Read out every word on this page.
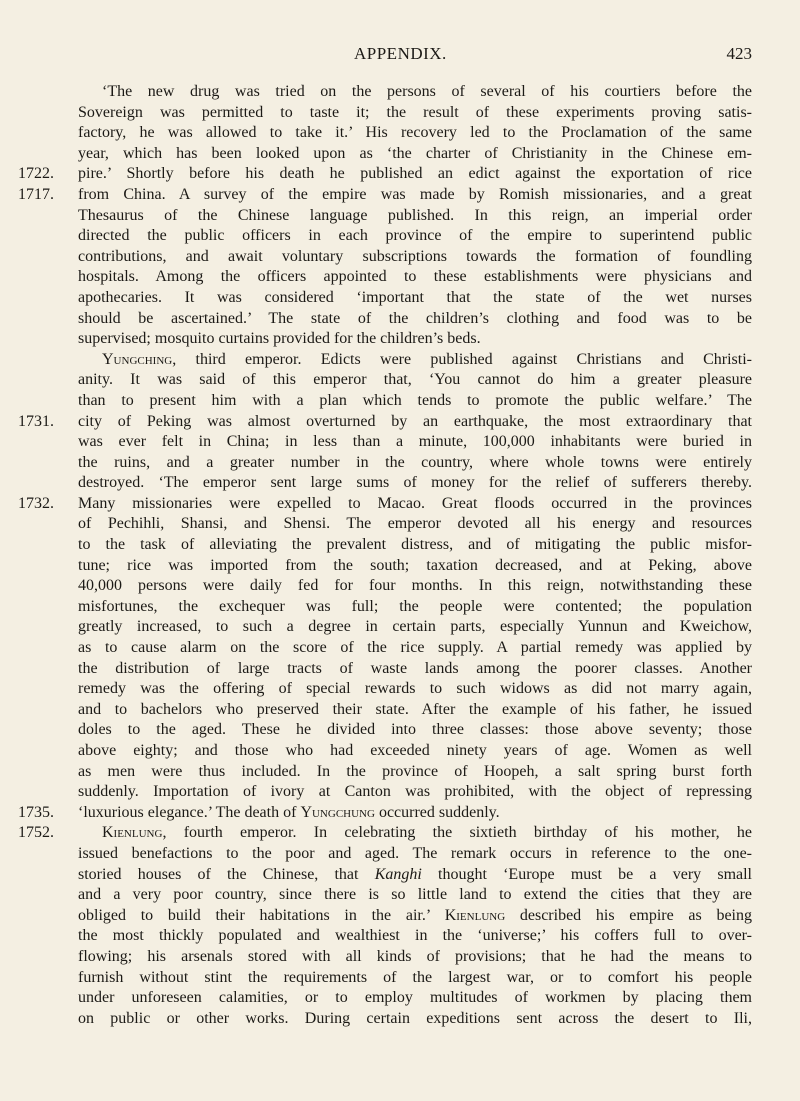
APPENDIX.	423
‘The new drug was tried on the persons of several of his courtiers before the
Sovereign was permitted to taste it; the result of these experiments proving satis-
factory, he was allowed to take it.’ His recovery led to the Proclamation of the same
year, which has been looked upon as ‘the charter of Christianity in the Chinese em-
1722.	pire.’ Shortly before his death he published an edict against the exportation of rice
1717.	from China. A survey of the empire was made by Romish missionaries, and a great
Thesaurus of the Chinese language published. In this reign, an imperial order
directed the public officers in each province of the empire to superintend public
contributions, and await voluntary subscriptions towards the formation of foundling
hospitals. Among the officers appointed to these establishments were physicians and
apothecaries. It was considered ‘important that the state of the wet nurses
should be ascertained.’ The state of the children’s clothing and food was to be
supervised; mosquito curtains provided for the children’s beds.
Yungching, third emperor. Edicts were published against Christians and Christi-
anity. It was said of this emperor that, ‘You cannot do him a greater pleasure
than to present him with a plan which tends to promote the public welfare.’ The
1731.	city of Peking was almost overturned by an earthquake, the most extraordinary that
was ever felt in China; in less than a minute, 100,000 inhabitants were buried in
the ruins, and a greater number in the country, where whole towns were entirely
destroyed. ‘The emperor sent large sums of money for the relief of sufferers thereby.
1732.	Many missionaries were expelled to Macao. Great floods occurred in the provinces
of Pechihli, Shansi, and Shensi. The emperor devoted all his energy and resources
to the task of alleviating the prevalent distress, and of mitigating the public misfor-
tune; rice was imported from the south; taxation decreased, and at Peking, above
40,000 persons were daily fed for four months. In this reign, notwithstanding these
misfortunes, the exchequer was full; the people were contented; the population
greatly increased, to such a degree in certain parts, especially Yunnun and Kweichow,
as to cause alarm on the score of the rice supply. A partial remedy was applied by
the distribution of large tracts of waste lands among the poorer classes. Another
remedy was the offering of special rewards to such widows as did not marry again,
and to bachelors who preserved their state. After the example of his father, he issued
doles to the aged. These he divided into three classes: those above seventy; those
above eighty; and those who had exceeded ninety years of age. Women as well
as men were thus included. In the province of Hoopeh, a salt spring burst forth
suddenly. Importation of ivory at Canton was prohibited, with the object of repressing
1735.	‘luxurious elegance.’ The death of Yungchung occurred suddenly.
1752.	Kienlung, fourth emperor. In celebrating the sixtieth birthday of his mother, he
issued benefactions to the poor and aged. The remark occurs in reference to the one-
storied houses of the Chinese, that Kanghi thought ‘Europe must be a very small
and a very poor country, since there is so little land to extend the cities that they are
obliged to build their habitations in the air.’ Kienlung described his empire as being
the most thickly populated and wealthiest in the ‘universe;’ his coffers full to over-
flowing; his arsenals stored with all kinds of provisions; that he had the means to
furnish without stint the requirements of the largest war, or to comfort his people
under unforeseen calamities, or to employ multitudes of workmen by placing them
on public or other works. During certain expeditions sent across the desert to Ili,
